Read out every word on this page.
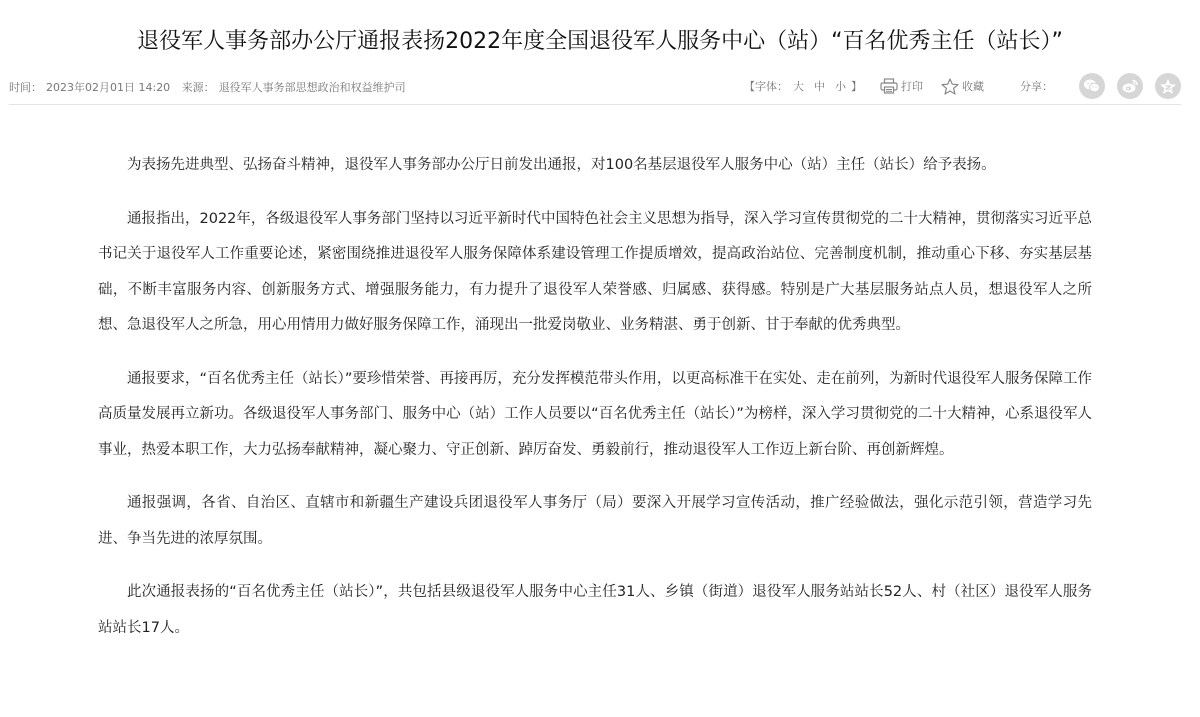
退役军人事务部办公厅通报表扬2022年度全国退役军人服务中心（站）“百名优秀主任（站长）”
时间： 2023年02月01日 14:20 来源： 退役军人事务部思想政治和权益维护司	【字体： 大 中 小 】	打印	收藏	分享：

为表扬先进典型、弘扬奋斗精神，退役军人事务部办公厅日前发出通报，对100名基层退役军人服务中心（站）主任（站长）给予表扬。

通报指出，2022年，各级退役军人事务部门坚持以习近平新时代中国特色社会主义思想为指导，深入学习宣传贯彻党的二十大精神，贯彻落实习近平总书记关于退役军人工作重要论述，紧密围绕推进退役军人服务保障体系建设管理工作提质增效，提高政治站位、完善制度机制，推动重心下移、夯实基层基础，不断丰富服务内容、创新服务方式、增强服务能力，有力提升了退役军人荣誉感、归属感、获得感。特别是广大基层服务站点人员，想退役军人之所想、急退役军人之所急，用心用情用力做好服务保障工作，涌现出一批爱岗敬业、业务精湛、勇于创新、甘于奉献的优秀典型。

通报要求，“百名优秀主任（站长）”要珍惜荣誉、再接再厉，充分发挥模范带头作用，以更高标准干在实处、走在前列，为新时代退役军人服务保障工作高质量发展再立新功。各级退役军人事务部门、服务中心（站）工作人员要以“百名优秀主任（站长）”为榜样，深入学习贯彻党的二十大精神，心系退役军人事业，热爱本职工作，大力弘扬奉献精神，凝心聚力、守正创新、踔厉奋发、勇毅前行，推动退役军人工作迈上新台阶、再创新辉煌。

通报强调，各省、自治区、直辖市和新疆生产建设兵团退役军人事务厅（局）要深入开展学习宣传活动，推广经验做法，强化示范引领，营造学习先进、争当先进的浓厚氛围。

此次通报表扬的“百名优秀主任（站长）”，共包括县级退役军人服务中心主任31人、乡镇（街道）退役军人服务站站长52人、村（社区）退役军人服务站站长17人。
